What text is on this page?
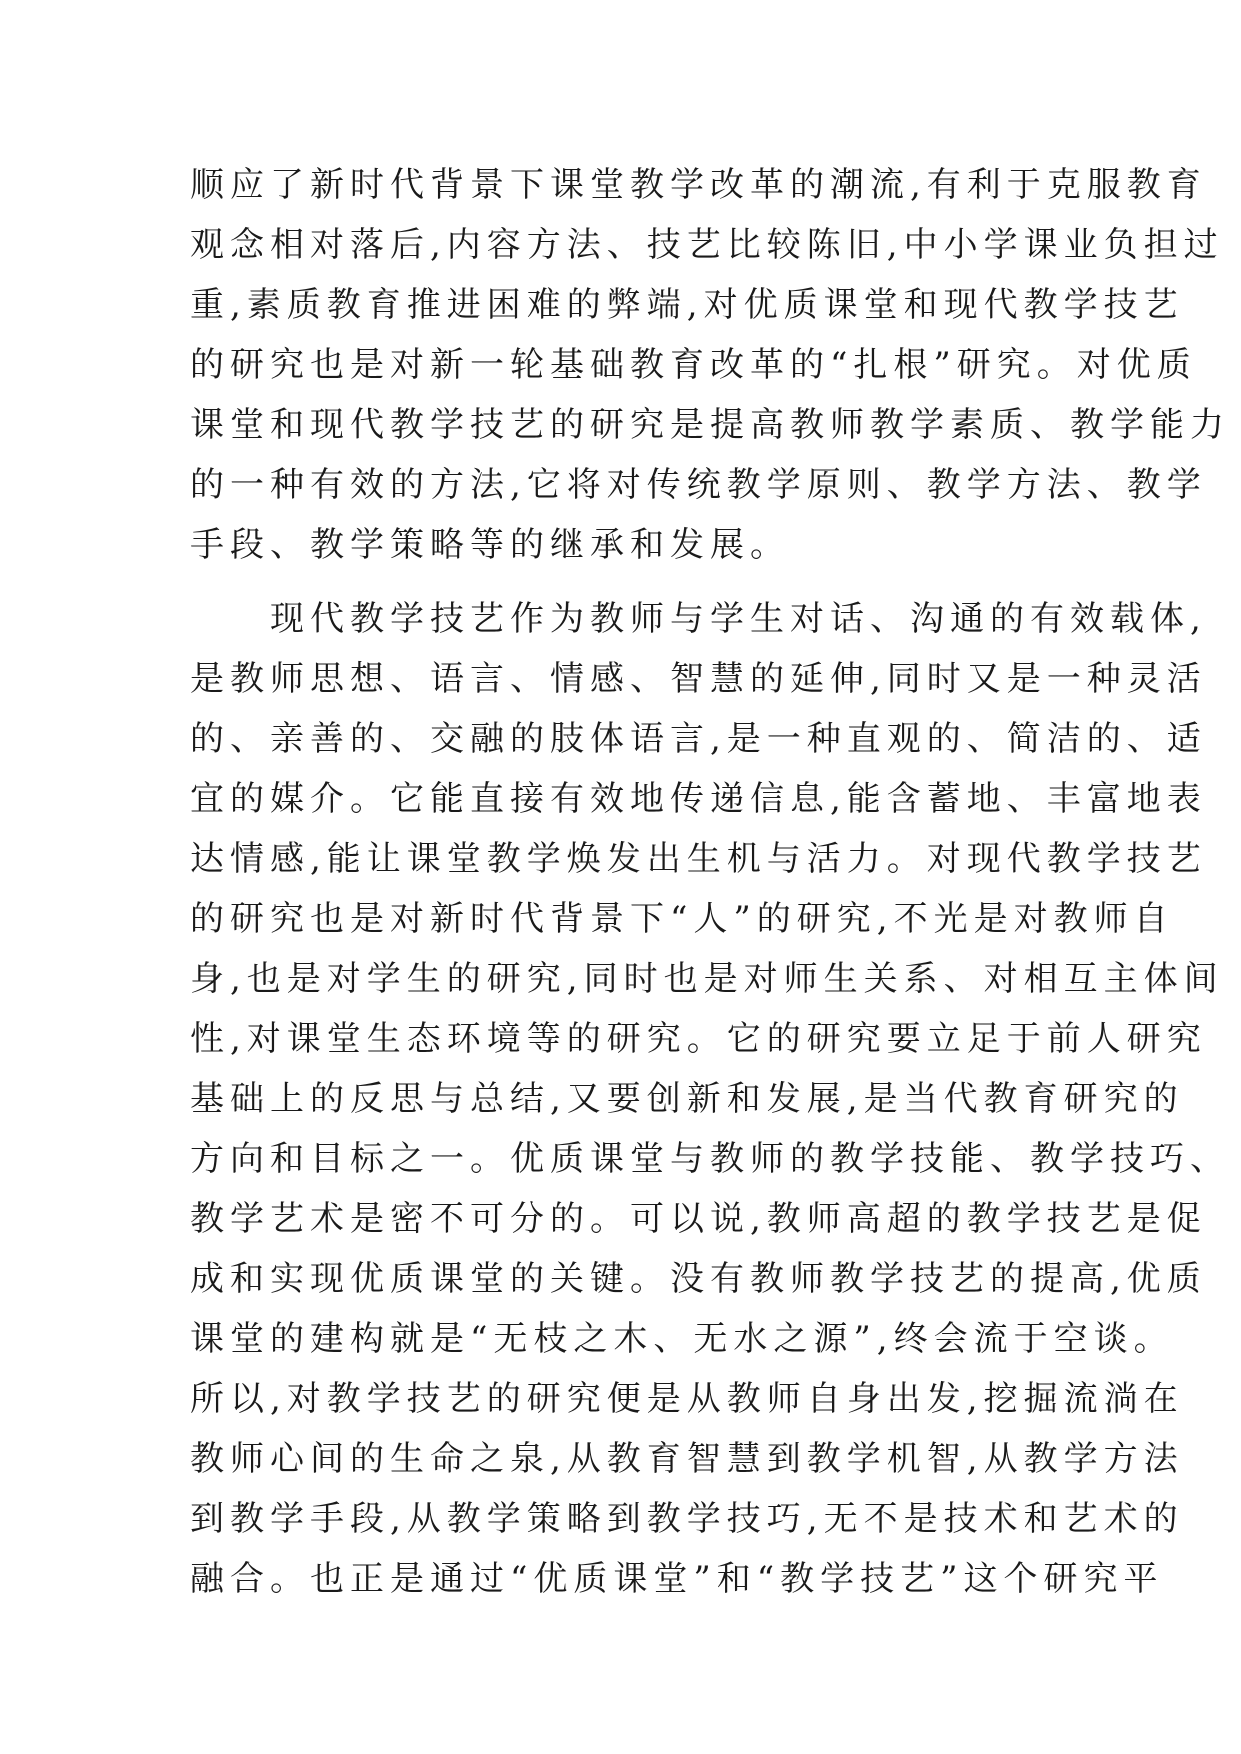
顺应了新时代背景下课堂教学改革的潮流,有利于克服教育
观念相对落后,内容方法、技艺比较陈旧,中小学课业负担过
重,素质教育推进困难的弊端,对优质课堂和现代教学技艺
的研究也是对新一轮基础教育改革的“扎根”研究。对优质
课堂和现代教学技艺的研究是提高教师教学素质、教学能力
的一种有效的方法,它将对传统教学原则、教学方法、教学
手段、教学策略等的继承和发展。
　　现代教学技艺作为教师与学生对话、沟通的有效载体,
是教师思想、语言、情感、智慧的延伸,同时又是一种灵活
的、亲善的、交融的肢体语言,是一种直观的、简洁的、适
宜的媒介。它能直接有效地传递信息,能含蓄地、丰富地表
达情感,能让课堂教学焕发出生机与活力。对现代教学技艺
的研究也是对新时代背景下“人”的研究,不光是对教师自
身,也是对学生的研究,同时也是对师生关系、对相互主体间
性,对课堂生态环境等的研究。它的研究要立足于前人研究
基础上的反思与总结,又要创新和发展,是当代教育研究的
方向和目标之一。优质课堂与教师的教学技能、教学技巧、
教学艺术是密不可分的。可以说,教师高超的教学技艺是促
成和实现优质课堂的关键。没有教师教学技艺的提高,优质
课堂的建构就是“无枝之木、无水之源”,终会流于空谈。
所以,对教学技艺的研究便是从教师自身出发,挖掘流淌在
教师心间的生命之泉,从教育智慧到教学机智,从教学方法
到教学手段,从教学策略到教学技巧,无不是技术和艺术的
融合。也正是通过“优质课堂”和“教学技艺”这个研究平
